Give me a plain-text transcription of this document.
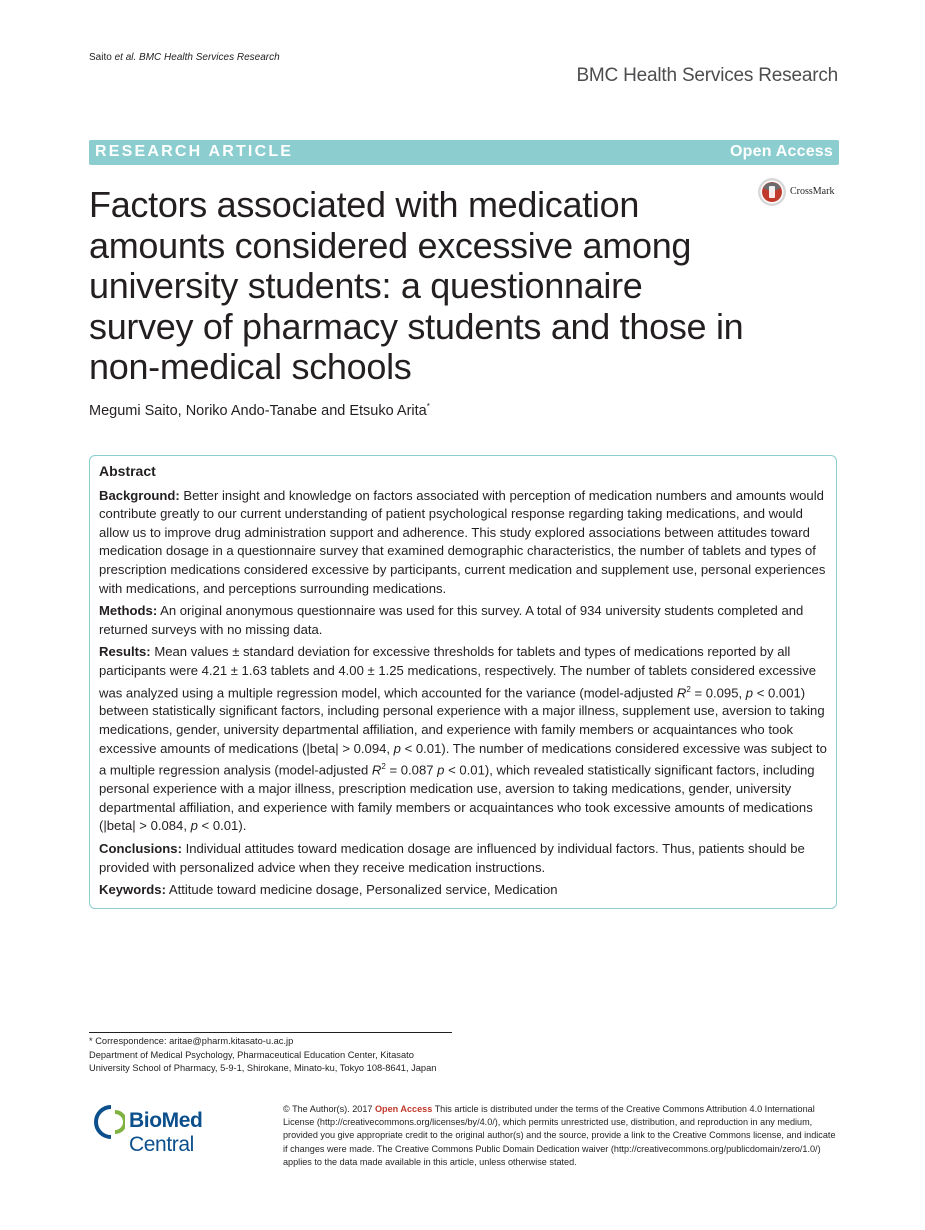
Saito et al. BMC Health Services Research
BMC Health Services Research
RESEARCH ARTICLE	Open Access
Factors associated with medication amounts considered excessive among university students: a questionnaire survey of pharmacy students and those in non-medical schools
CrossMark
Megumi Saito, Noriko Ando-Tanabe and Etsuko Arita*
Abstract

Background: Better insight and knowledge on factors associated with perception of medication numbers and amounts would contribute greatly to our current understanding of patient psychological response regarding taking medications, and would allow us to improve drug administration support and adherence. This study explored associations between attitudes toward medication dosage in a questionnaire survey that examined demographic characteristics, the number of tablets and types of prescription medications considered excessive by participants, current medication and supplement use, personal experiences with medications, and perceptions surrounding medications.

Methods: An original anonymous questionnaire was used for this survey. A total of 934 university students completed and returned surveys with no missing data.

Results: Mean values ± standard deviation for excessive thresholds for tablets and types of medications reported by all participants were 4.21 ± 1.63 tablets and 4.00 ± 1.25 medications, respectively. The number of tablets considered excessive was analyzed using a multiple regression model, which accounted for the variance (model-adjusted $R^2 = 0.095$, p < 0.001) between statistically significant factors, including personal experience with a major illness, supplement use, aversion to taking medications, gender, university departmental affiliation, and experience with family members or acquaintances who took excessive amounts of medications (|beta| > 0.094, p < 0.01). The number of medications considered excessive was subject to a multiple regression analysis (model-adjusted $R^2 = 0.087$ p < 0.01), which revealed statistically significant factors, including personal experience with a major illness, prescription medication use, aversion to taking medications, gender, university departmental affiliation, and experience with family members or acquaintances who took excessive amounts of medications (|beta| > 0.084, p < 0.01).

Conclusions: Individual attitudes toward medication dosage are influenced by individual factors. Thus, patients should be provided with personalized advice when they receive medication instructions.

Keywords: Attitude toward medicine dosage, Personalized service, Medication

* Correspondence: aritae@pharm.kitasato-u.ac.jp
Department of Medical Psychology, Pharmaceutical Education Center, Kitasato University School of Pharmacy, 5-9-1, Shirokane, Minato-ku, Tokyo 108-8641, Japan
BioMed Central
© The Author(s). 2017 Open Access This article is distributed under the terms of the Creative Commons Attribution 4.0 International License (http://creativecommons.org/licenses/by/4.0/), which permits unrestricted use, distribution, and reproduction in any medium, provided you give appropriate credit to the original author(s) and the source, provide a link to the Creative Commons license, and indicate if changes were made. The Creative Commons Public Domain Dedication waiver (http://creativecommons.org/publicdomain/zero/1.0/) applies to the data made available in this article, unless otherwise stated.
